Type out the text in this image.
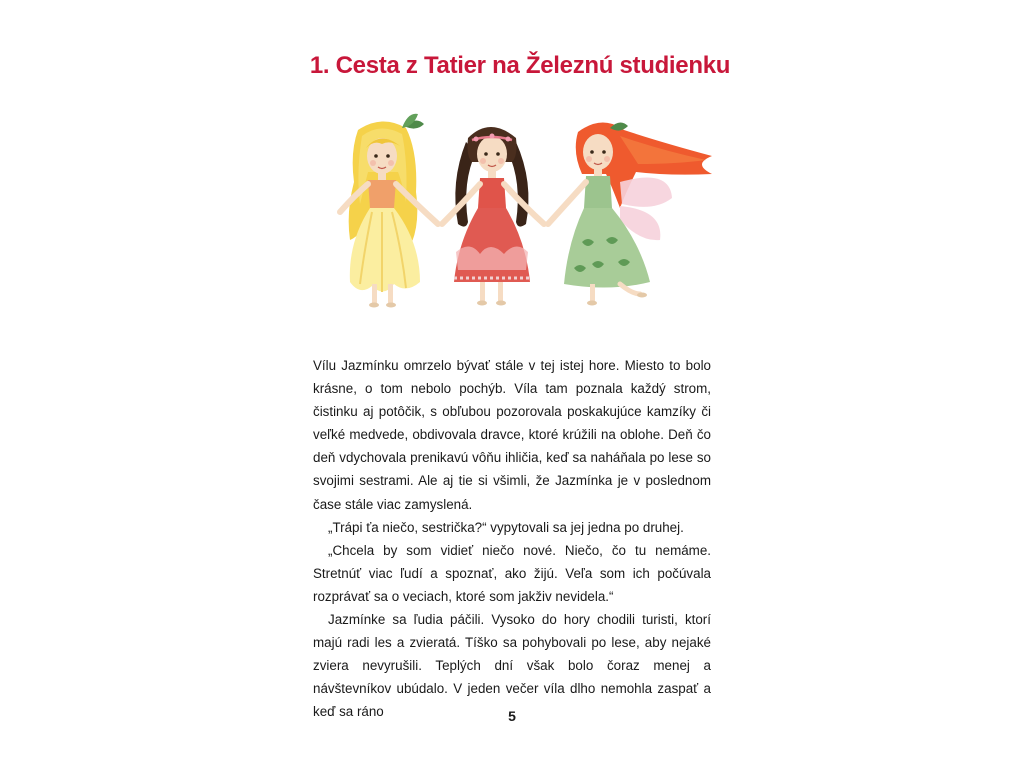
1. Cesta z Tatier na Železnú studienku

Vílu Jazmínku omrzelo bývať stále v tej istej hore. Miesto to bolo krásne, o tom nebolo pochýb. Víla tam poznala každý strom, čistinku aj potôčik, s obľubou pozorovala poskakujúce kamzíky či veľké medvede, obdivovala dravce, ktoré krúžili na oblohe. Deň čo deň vdychovala prenikavú vôňu ihličia, keď sa naháňala po lese so svojimi sestrami. Ale aj tie si všimli, že Jazmínka je v poslednom čase stále viac zamyslená.

„Trápi ťa niečo, sestrička?“ vypytovali sa jej jedna po druhej.

„Chcela by som vidieť niečo nové. Niečo, čo tu nemáme. Stretnúť viac ľudí a spoznať, ako žijú. Veľa som ich počúvala rozprávať sa o veciach, ktoré som jakživ nevidela.“

Jazmínke sa ľudia páčili. Vysoko do hory chodili turisti, ktorí majú radi les a zvieratá. Tíško sa pohybovali po lese, aby nejaké zviera nevyrušili. Teplých dní však bolo čoraz menej a návštevníkov ubúdalo. V jeden večer víla dlho nemohla zaspať a keď sa ráno	5
